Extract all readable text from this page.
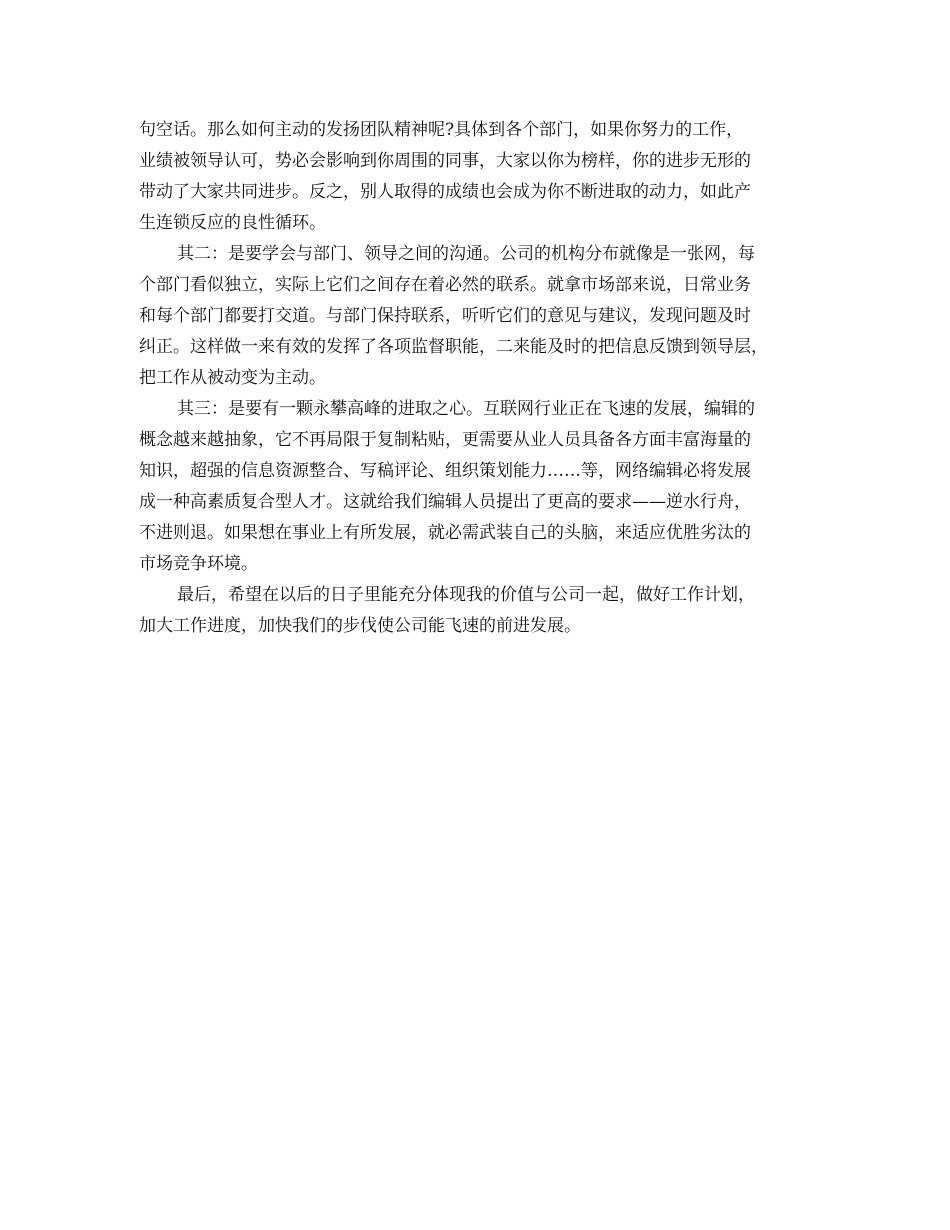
句空话。那么如何主动的发扬团队精神呢?具体到各个部门，如果你努力的工作，
业绩被领导认可，势必会影响到你周围的同事，大家以你为榜样，你的进步无形的
带动了大家共同进步。反之，别人取得的成绩也会成为你不断进取的动力，如此产
生连锁反应的良性循环。
其二：是要学会与部门、领导之间的沟通。公司的机构分布就像是一张网，每
个部门看似独立，实际上它们之间存在着必然的联系。就拿市场部来说，日常业务
和每个部门都要打交道。与部门保持联系，听听它们的意见与建议，发现问题及时
纠正。这样做一来有效的发挥了各项监督职能，二来能及时的把信息反馈到领导层，
把工作从被动变为主动。
其三：是要有一颗永攀高峰的进取之心。互联网行业正在飞速的发展，编辑的
概念越来越抽象，它不再局限于复制粘贴，更需要从业人员具备各方面丰富海量的
知识，超强的信息资源整合、写稿评论、组织策划能力……等，网络编辑必将发展
成一种高素质复合型人才。这就给我们编辑人员提出了更高的要求——逆水行舟，
不进则退。如果想在事业上有所发展，就必需武装自己的头脑，来适应优胜劣汰的
市场竞争环境。
最后，希望在以后的日子里能充分体现我的价值与公司一起，做好工作计划，
加大工作进度，加快我们的步伐使公司能飞速的前进发展。
